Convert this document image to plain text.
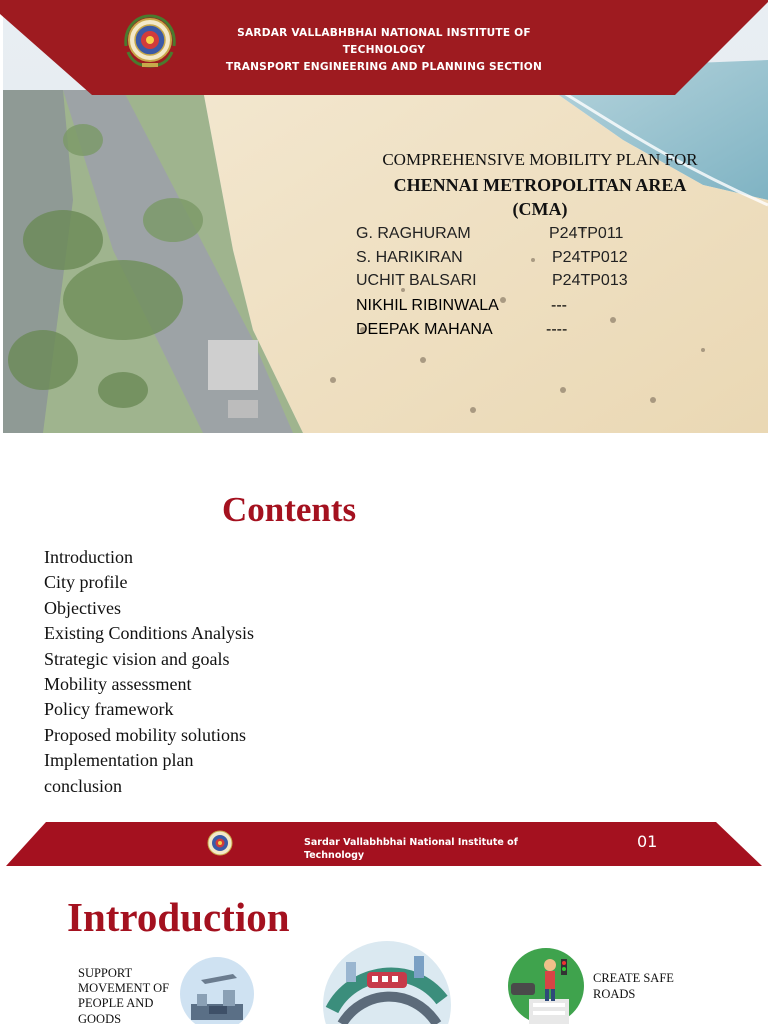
SARDAR VALLABHBHAI NATIONAL INSTITUTE OF TECHNOLOGY
TRANSPORT ENGINEERING AND PLANNING SECTION
COMPREHENSIVE MOBILITY PLAN FOR
CHENNAI METROPOLITAN AREA
(CMA)
G. RAGHURAM	P24TP011
S. HARIKIRAN	P24TP012
UCHIT BALSARI	P24TP013
NIKHIL RIBINWALA	---
DEEPAK MAHANA	----
Contents
Introduction
City profile
Objectives
Existing Conditions Analysis
Strategic vision and goals
Mobility assessment
Policy framework
Proposed mobility solutions
Implementation plan
conclusion
Sardar Vallabhbhai National Institute of Technology
01
Introduction
SUPPORT MOVEMENT OF PEOPLE AND GOODS
CREATE SAFE ROADS
